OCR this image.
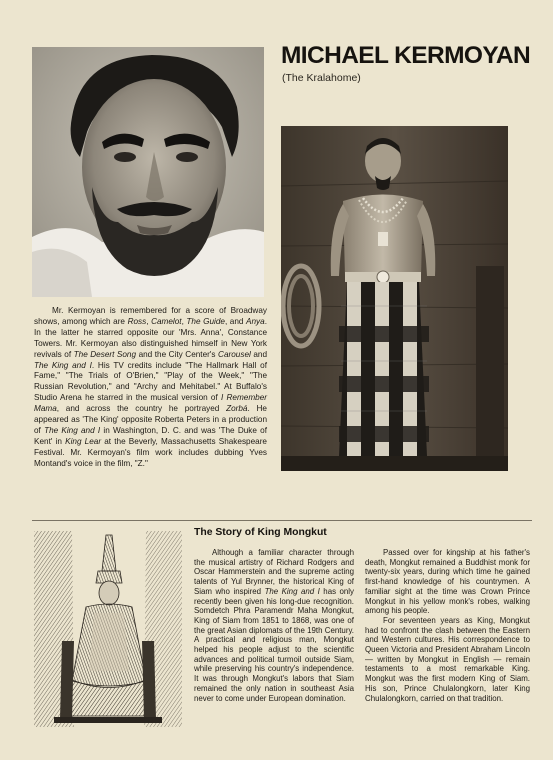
MICHAEL KERMOYAN
(The Kralahome)

Mr. Kermoyan is remembered for a score of Broadway shows, among which are Ross, Camelot, The Guide, and Anya. In the latter he starred opposite our 'Mrs. Anna', Constance Towers. Mr. Kermoyan also distinguished himself in New York revivals of The Desert Song and the City Center's Carousel and The King and I. His TV credits include "The Hallmark Hall of Fame," "The Trials of O'Brien," "Play of the Week," "The Russian Revolution," and "Archy and Mehitabel." At Buffalo's Studio Arena he starred in the musical version of I Remember Mama, and across the country he portrayed Zorbá. He appeared as 'The King' opposite Roberta Peters in a production of The King and I in Washington, D. C. and was 'The Duke of Kent' in King Lear at the Beverly, Massachusetts Shakespeare Festival. Mr. Kermoyan's film work includes dubbing Yves Montand's voice in the film, "Z."

The Story of King Mongkut

Although a familiar character through the musical artistry of Richard Rodgers and Oscar Hammerstein and the supreme acting talents of Yul Brynner, the historical King of Siam who inspired The King and I has only recently been given his long-due recognition. Somdetch Phra Paramendr Maha Mongkut, King of Siam from 1851 to 1868, was one of the great Asian diplomats of the 19th Century. A practical and religious man, Mongkut helped his people adjust to the scientific advances and political turmoil outside Siam, while preserving his country's independence. It was through Mongkut's labors that Siam remained the only nation in southeast Asia never to come under European domination.

Passed over for kingship at his father's death, Mongkut remained a Buddhist monk for twenty-six years, during which time he gained first-hand knowledge of his countrymen. A familiar sight at the time was Crown Prince Mongkut in his yellow monk's robes, walking among his people.

For seventeen years as King, Mongkut had to confront the clash between the Eastern and Western cultures. His correspondence to Queen Victoria and President Abraham Lincoln — written by Mongkut in English — remain testaments to a most remarkable King. Mongkut was the first modern King of Siam. His son, Prince Chulalongkorn, later King Chulalongkorn, carried on that tradition.
